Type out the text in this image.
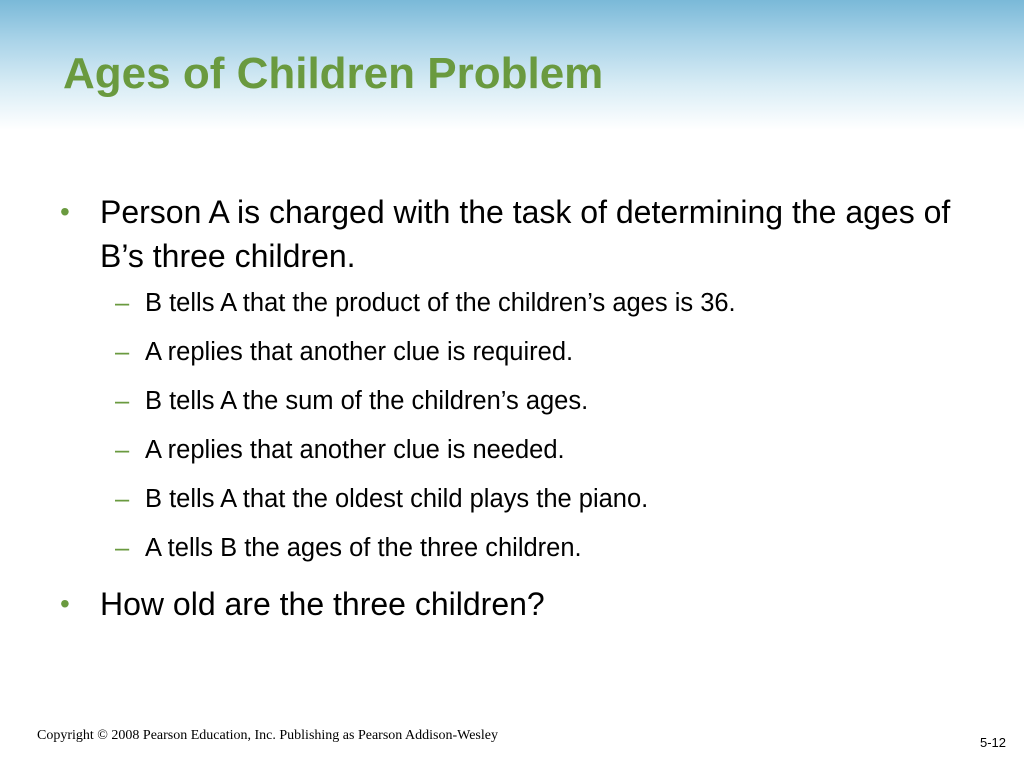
Ages of Children Problem
• Person A is charged with the task of determining the ages of B’s three children.
– B tells A that the product of the children’s ages is 36.
– A replies that another clue is required.
– B tells A the sum of the children’s ages.
– A replies that another clue is needed.
– B tells A that the oldest child plays the piano.
– A tells B the ages of the three children.
• How old are the three children?
Copyright © 2008 Pearson Education, Inc. Publishing as Pearson Addison-Wesley	5-12
